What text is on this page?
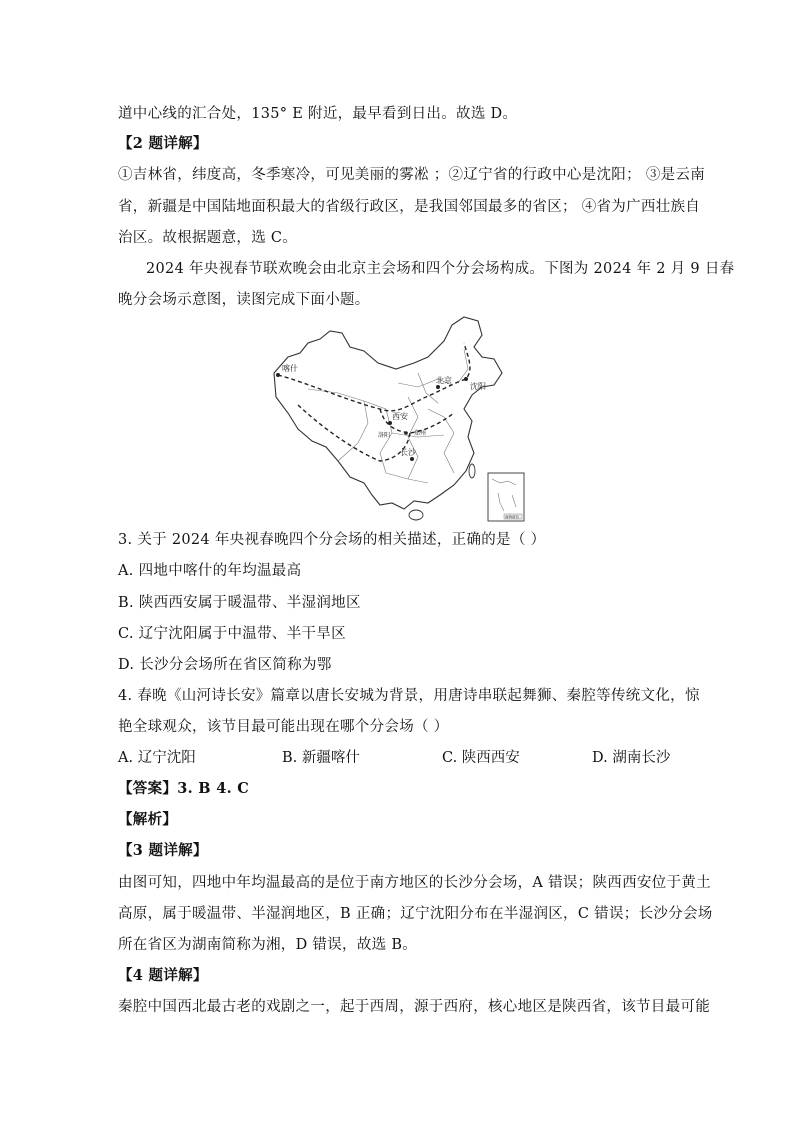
道中心线的汇合处，135° E 附近，最早看到日出。故选 D。
【2 题详解】
①吉林省，纬度高，冬季寒冷，可见美丽的雾凇 ；②辽宁省的行政中心是沈阳； ③是云南
省，新疆是中国陆地面积最大的省级行政区，是我国邻国最多的省区； ④省为广西壮族自
治区。故根据题意，选 C。
2024 年央视春节联欢晚会由北京主会场和四个分会场构成。下图为 2024 年 2 月 9 日春
晚分会场示意图，读图完成下面小题。
喀什
北京
沈阳
西安
洛阳	郑州
长沙
南海诸岛
3. 关于 2024 年央视春晚四个分会场的相关描述，正确的是（ ）
A. 四地中喀什的年均温最高
B. 陕西西安属于暖温带、半湿润地区
C. 辽宁沈阳属于中温带、半干旱区
D. 长沙分会场所在省区简称为鄂
4. 春晚《山河诗长安》篇章以唐长安城为背景，用唐诗串联起舞狮、秦腔等传统文化，惊
艳全球观众，该节目最可能出现在哪个分会场（ ）
A. 辽宁沈阳	B. 新疆喀什	C. 陕西西安	D. 湖南长沙
【答案】3. B 4. C
【解析】
【3 题详解】
由图可知，四地中年均温最高的是位于南方地区的长沙分会场，A 错误；陕西西安位于黄土
高原，属于暖温带、半湿润地区，B 正确；辽宁沈阳分布在半湿润区，C 错误；长沙分会场
所在省区为湖南简称为湘，D 错误，故选 B。
【4 题详解】
秦腔中国西北最古老的戏剧之一，起于西周，源于西府，核心地区是陕西省，该节目最可能
